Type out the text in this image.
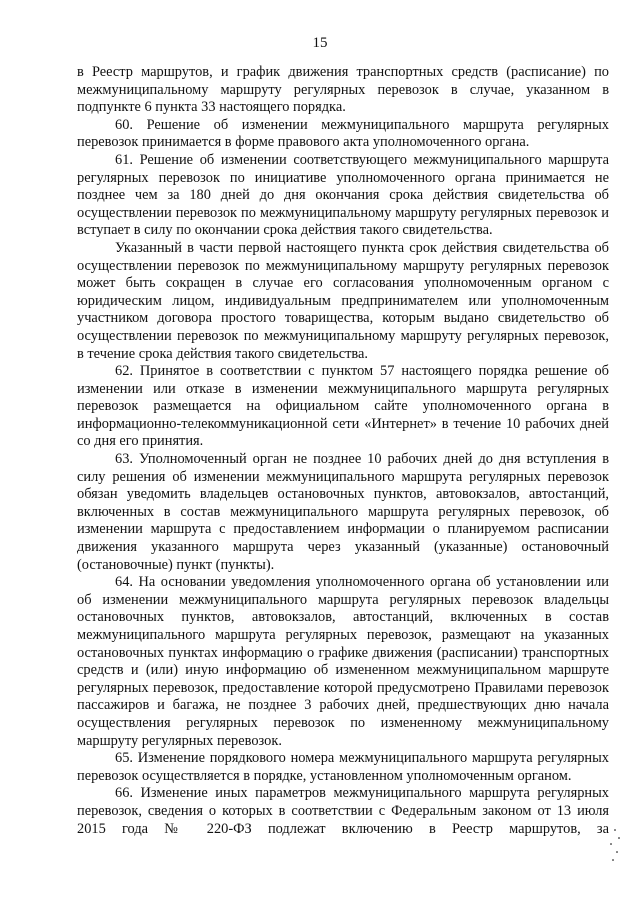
15

в Реестр маршрутов, и график движения транспортных средств (расписание) по межмуниципальному маршруту регулярных перевозок в случае, указанном в подпункте 6 пункта 33 настоящего порядка.

60. Решение об изменении межмуниципального маршрута регулярных перевозок принимается в форме правового акта уполномоченного органа.

61. Решение об изменении соответствующего межмуниципального маршрута регулярных перевозок по инициативе уполномоченного органа принимается не позднее чем за 180 дней до дня окончания срока действия свидетельства об осуществлении перевозок по межмуниципальному маршруту регулярных перевозок и вступает в силу по окончании срока действия такого свидетельства.

Указанный в части первой настоящего пункта срок действия свидетельства об осуществлении перевозок по межмуниципальному маршруту регулярных перевозок может быть сокращен в случае его согласования уполномоченным органом с юридическим лицом, индивидуальным предпринимателем или уполномоченным участником договора простого товарищества, которым выдано свидетельство об осуществлении перевозок по межмуниципальному маршруту регулярных перевозок, в течение срока действия такого свидетельства.

62. Принятое в соответствии с пунктом 57 настоящего порядка решение об изменении или отказе в изменении межмуниципального маршрута регулярных перевозок размещается на официальном сайте уполномоченного органа в информационно-телекоммуникационной сети «Интернет» в течение 10 рабочих дней со дня его принятия.

63. Уполномоченный орган не позднее 10 рабочих дней до дня вступления в силу решения об изменении межмуниципального маршрута регулярных перевозок обязан уведомить владельцев остановочных пунктов, автовокзалов, автостанций, включенных в состав межмуниципального маршрута регулярных перевозок, об изменении маршрута с предоставлением информации о планируемом расписании движения указанного маршрута через указанный (указанные) остановочный (остановочные) пункт (пункты).

64. На основании уведомления уполномоченного органа об установлении или об изменении межмуниципального маршрута регулярных перевозок владельцы остановочных пунктов, автовокзалов, автостанций, включенных в состав межмуниципального маршрута регулярных перевозок, размещают на указанных остановочных пунктах информацию о графике движения (расписании) транспортных средств и (или) иную информацию об измененном межмуниципальном маршруте регулярных перевозок, предоставление которой предусмотрено Правилами перевозок пассажиров и багажа, не позднее 3 рабочих дней, предшествующих дню начала осуществления регулярных перевозок по измененному межмуниципальному маршруту регулярных перевозок.

65. Изменение порядкового номера межмуниципального маршрута регулярных перевозок осуществляется в порядке, установленном уполномоченным органом.

66. Изменение иных параметров межмуниципального маршрута регулярных перевозок, сведения о которых в соответствии с Федеральным законом от 13 июля 2015 года № 220-ФЗ подлежат включению в Реестр маршрутов, за
